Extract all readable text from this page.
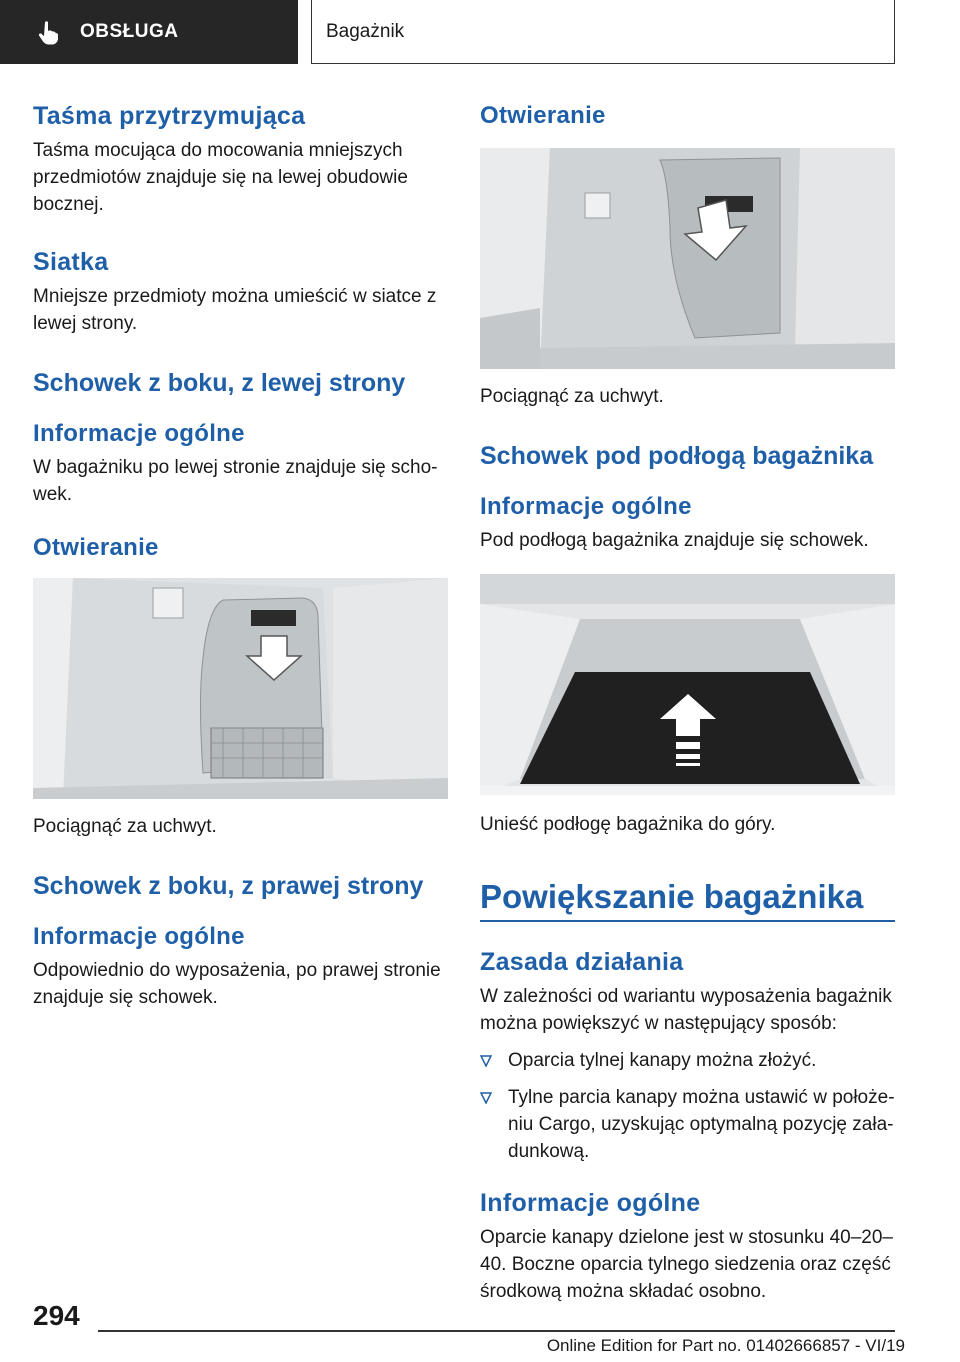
OBSŁUGA	Bagażnik
Taśma przytrzymująca

Taśma mocująca do mocowania mniejszych przedmiotów znajduje się na lewej obudowie bocznej.

Siatka

Mniejsze przedmioty można umieścić w siatce z lewej strony.

Schowek z boku, z lewej strony
Informacje ogólne

W bagażniku po lewej stronie znajduje się scho-wek.

Otwieranie

Pociągnąć za uchwyt.

Schowek z boku, z prawej strony
Informacje ogólne

Odpowiednio do wyposażenia, po prawej stronie znajduje się schowek.

Otwieranie

Pociągnąć za uchwyt.

Schowek pod podłogą bagażnika
Informacje ogólne

Pod podłogą bagażnika znajduje się schowek.

Unieść podłogę bagażnika do góry.

Powiększanie bagażnika
Zasada działania

W zależności od wariantu wyposażenia bagażnik można powiększyć w następujący sposób:

Oparcia tylnej kanapy można złożyć.
Tylne parcia kanapy można ustawić w położe-niu Cargo, uzyskując optymalną pozycję zała-dunkową.
Informacje ogólne

Oparcie kanapy dzielone jest w stosunku 40–20–40. Boczne oparcia tylnego siedzenia oraz część środkową można składać osobno.

294
Online Edition for Part no. 01402666857 - VI/19
